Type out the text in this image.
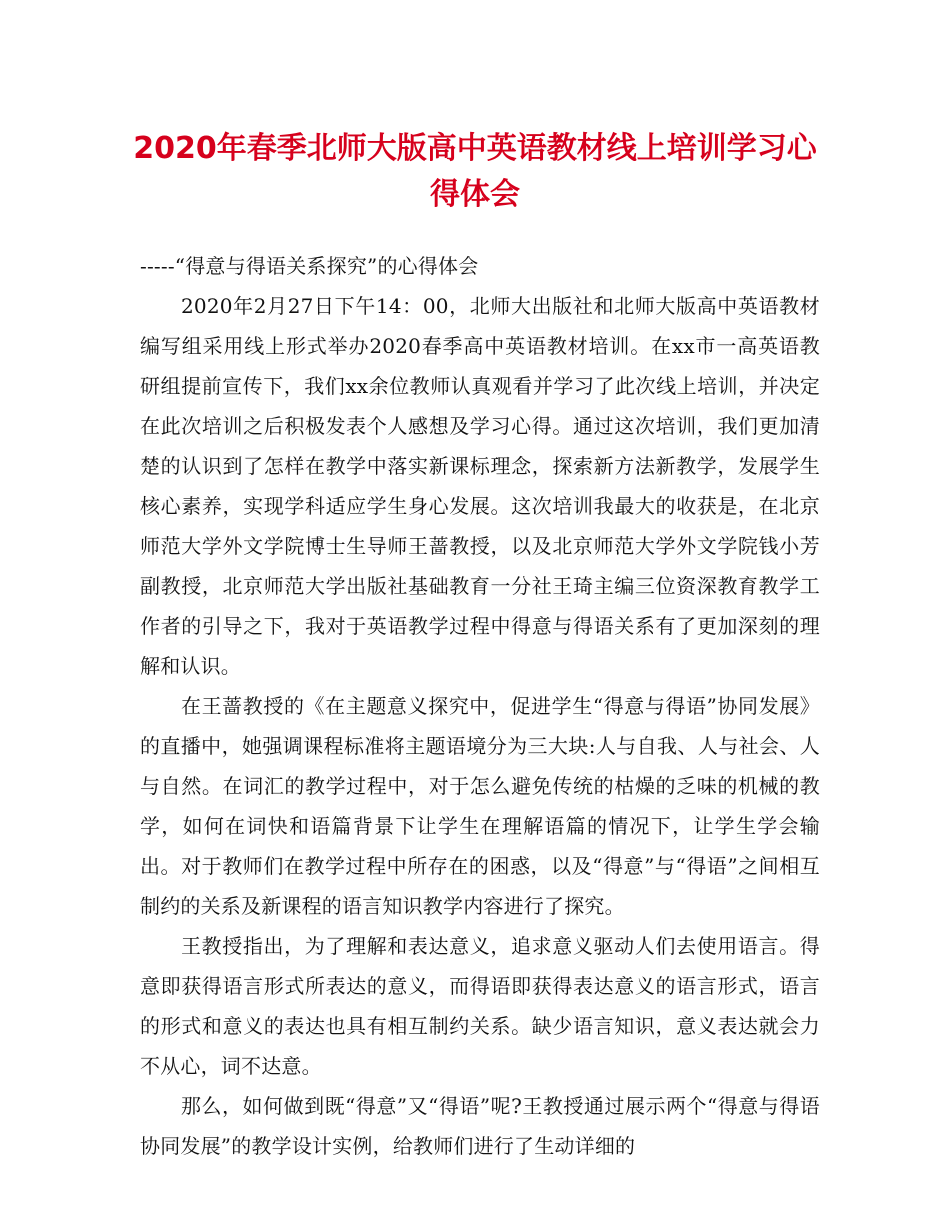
2020年春季北师大版高中英语教材线上培训学习心得体会

-----“得意与得语关系探究”的心得体会

2020年2月27日下午14：00，北师大出版社和北师大版高中英语教材编写组采用线上形式举办2020春季高中英语教材培训。在xx市一高英语教研组提前宣传下，我们xx余位教师认真观看并学习了此次线上培训，并决定在此次培训之后积极发表个人感想及学习心得。通过这次培训，我们更加清楚的认识到了怎样在教学中落实新课标理念，探索新方法新教学，发展学生核心素养，实现学科适应学生身心发展。这次培训我最大的收获是，在北京师范大学外文学院博士生导师王蔷教授，以及北京师范大学外文学院钱小芳副教授，北京师范大学出版社基础教育一分社王琦主编三位资深教育教学工作者的引导之下，我对于英语教学过程中得意与得语关系有了更加深刻的理解和认识。

在王蔷教授的《在主题意义探究中，促进学生“得意与得语”协同发展》的直播中，她强调课程标准将主题语境分为三大块:人与自我、人与社会、人与自然。在词汇的教学过程中，对于怎么避免传统的枯燥的乏味的机械的教学，如何在词快和语篇背景下让学生在理解语篇的情况下，让学生学会输出。对于教师们在教学过程中所存在的困惑，以及“得意”与“得语”之间相互制约的关系及新课程的语言知识教学内容进行了探究。

王教授指出，为了理解和表达意义，追求意义驱动人们去使用语言。得意即获得语言形式所表达的意义，而得语即获得表达意义的语言形式，语言的形式和意义的表达也具有相互制约关系。缺少语言知识，意义表达就会力不从心，词不达意。

那么，如何做到既“得意”又“得语”呢?王教授通过展示两个“得意与得语协同发展”的教学设计实例，给教师们进行了生动详细的
